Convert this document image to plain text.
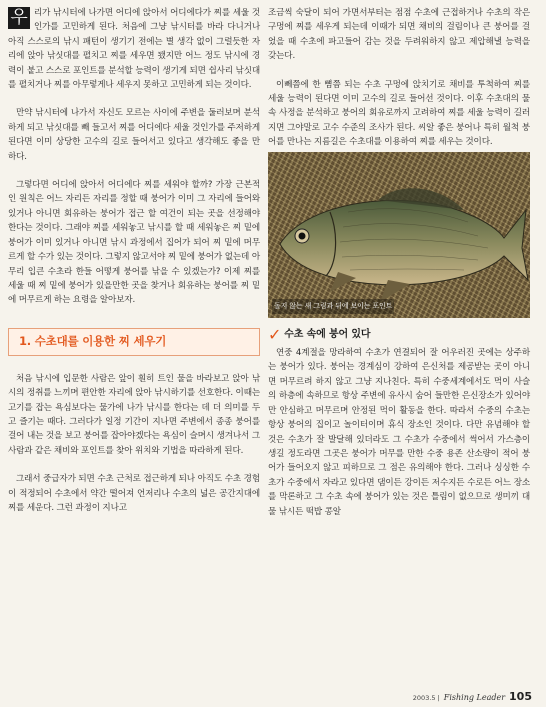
우 리가 낚시터에 나가면 어디에 앉아서 어디에다가 찌를 세울 것인가를 고민하게 된다. 처음에 그냥 낚시터를 바라 다니거나 아직 스스로의 낚시 패턴이 생기기 전에는 별 생각 없이 그럴듯한 자리에 앉아 낚싯대를 펼치고 찌를 세우면 됐지만 어느 정도 낚시에 경력이 붙고 스스로 포인트를 분석할 능력이 생기게 되면 쉽사리 낚싯대를 펼치거나 찌를 아무렇게나 세우지 못하고 고민하게 되는 것이다.

만약 낚시터에 나가서 자신도 모르는 사이에 주변을 둘러보며 분석하게 되고 낚싯대를 빼 들고서 찌를 어디에다 세울 것인가를 주저하게 된다면 이미 상당한 고수의 길로 들어서고 있다고 생각해도 좋을 만 하다.

그렇다면 어디에 앉아서 어디에다 찌를 세워야 할까? 가장 근본적인 원칙은 어느 자리든 자리를 정할 때 붕어가 이미 그 자리에 들어와 있거나 아니면 회유하는 붕어가 접근 할 여건이 되는 곳을 선정해야 한다는 것이다. 그래야 찌를 세워놓고 낚시를 할 때 세워놓은 찌 밑에 붕어가 이미 있거나 아니면 낚시 과정에서 집어가 되어 찌 밑에 머무르게 할 수가 있는 것이다. 그렇지 않고서야 찌 밑에 붕어가 없는데 아무리 입큰 수초라 한들 어떻게 붕어를 낚을 수 있겠는가? 이제 찌를 세울 때 찌 밑에 붕어가 있을만한 곳을 찾거나 회유하는 붕어를 찌 밑에 머무르게 하는 요령을 알아보자.

1. 수초대를 이용한 찌 세우기

처음 낚시에 입문한 사람은 앞이 훤히 트인 물을 바라보고 앉아 낚시의 정취를 느끼며 편안한 자리에 앉아 낚시하기를 선호한다. 이때는 고기를 잡는 욕심보다는 물가에 나가 낚시를 한다는 데 더 의미를 두고 즐기는 때다. 그러다가 일정 기간이 지나면 주변에서 종종 붕어를 걸어 내는 것을 보고 붕어를 잡아야겠다는 욕심이 슬며시 생겨나서 그 사람과 같은 채비와 포인트를 찾아 위치와 기법을 따라하게 된다.

그래서 중급자가 되면 수초 근처로 접근하게 되나 아직도 수초 경험이 적정되어 수초에서 약간 떨어져 언저리나 수초의 넓은 공간지대에 찌를 세운다. 그런 과정이 지나고

조금씩 숙달이 되어 가면서부터는 점점 수초에 근접하거나 수초의 작은 구멍에 찌를 세우게 되는데 이때가 되면 채비의 걸림이나 큰 붕어를 걸었을 때 수초에 파고들어 감는 것을 두려워하지 않고 제압해낼 능력을 갖는다.

이뻬쯤에 한 뼘쯤 되는 수초 구멍에 앉치기로 채비를 투척하여 찌를 세울 능력이 된다면 이미 고수의 길로 들어선 것이다. 이후 수초대의 물속 사정을 분석하고 붕어의 회유로까지 고려하여 찌를 세울 능력이 길러지면 그야말로 고수 수준의 조사가 된다. 씨알 좋은 붕어나 특히 월척 붕어를 만나는 지름길은 수초대를 이용하여 찌를 세우는 것이다.

돌지 않는 새 그림과 뒤에 보이는 포인트
✓ 수초 속에 붕어 있다

연중 4계절을 망라하여 수초가 연결되어 잘 어우러진 곳에는 상주하는 붕어가 있다. 붕어는 경계심이 강하여 은신처를 제공받는 곳이 아니면 머무르려 하지 않고 그냥 지나친다. 특히 수중세계에서도 먹이 사슬의 하층에 속하므로 항상 주변에 유사시 숨어 들만한 은신장소가 있어야만 안심하고 머무르며 안정된 먹이 활동을 한다. 따라서 수중의 수초는 항상 붕어의 집이고 놀이터이며 휴식 장소인 것이다. 다만 유념해야 할 것은 수초가 잘 발달해 있더라도 그 수초가 수중에서 썩어서 가스층이 생길 정도라면 그곳은 붕어가 머무를 만한 수중 용존 산소량이 적어 붕어가 들어오지 않고 피하므로 그 점은 유의해야 한다. 그러나 싱싱한 수초가 수중에서 자라고 있다면 댐이든 강이든 저수지든 수로든 어느 장소를 막론하고 그 수초 속에 붕어가 있는 것은 틀림이 없으므로 생미끼 대물 낚시든 떡밥 콩알

2003.5 | Fishing Leader 105
